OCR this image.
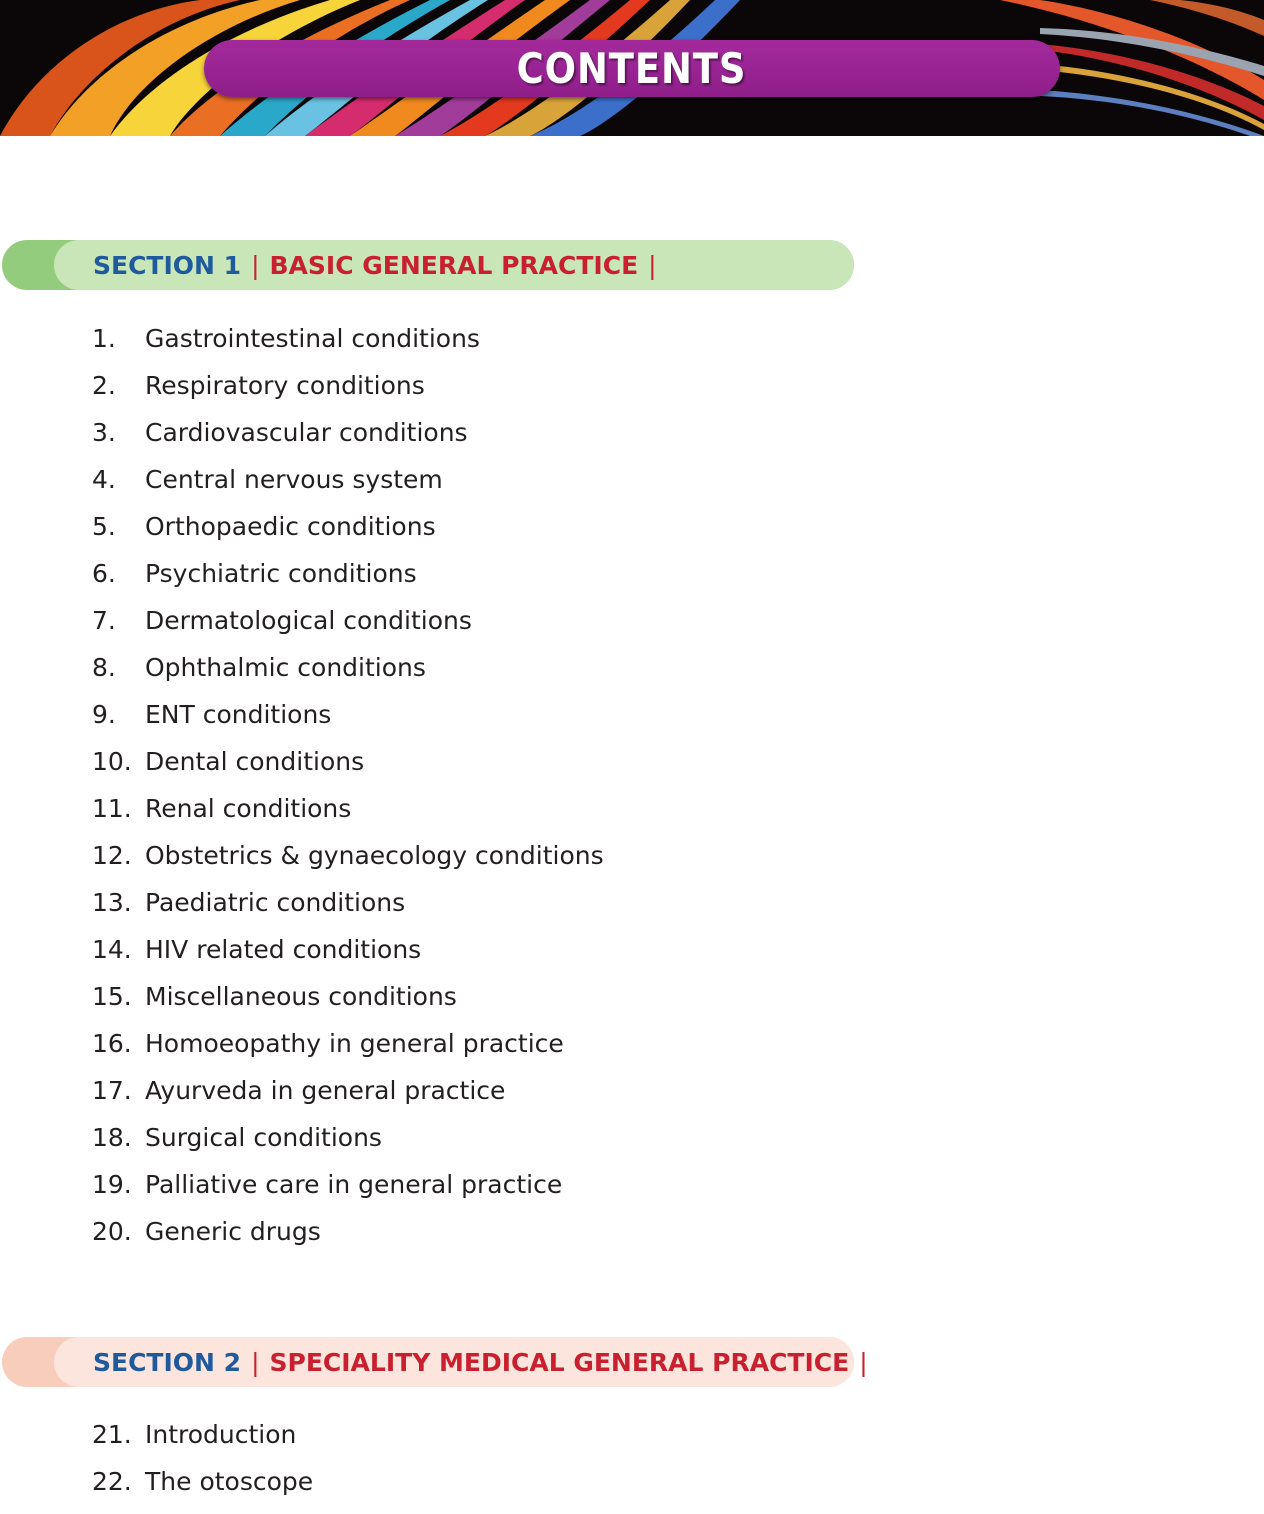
CONTENTS
SECTION 1 | BASIC GENERAL PRACTICE |
1. Gastrointestinal conditions
2. Respiratory conditions
3. Cardiovascular conditions
4. Central nervous system
5. Orthopaedic conditions
6. Psychiatric conditions
7. Dermatological conditions
8. Ophthalmic conditions
9. ENT conditions
10. Dental conditions
11. Renal conditions
12. Obstetrics & gynaecology conditions
13. Paediatric conditions
14. HIV related conditions
15. Miscellaneous conditions
16. Homoeopathy in general practice
17. Ayurveda in general practice
18. Surgical conditions
19. Palliative care in general practice
20. Generic drugs
SECTION 2 | SPECIALITY MEDICAL GENERAL PRACTICE |
21. Introduction
22. The otoscope
